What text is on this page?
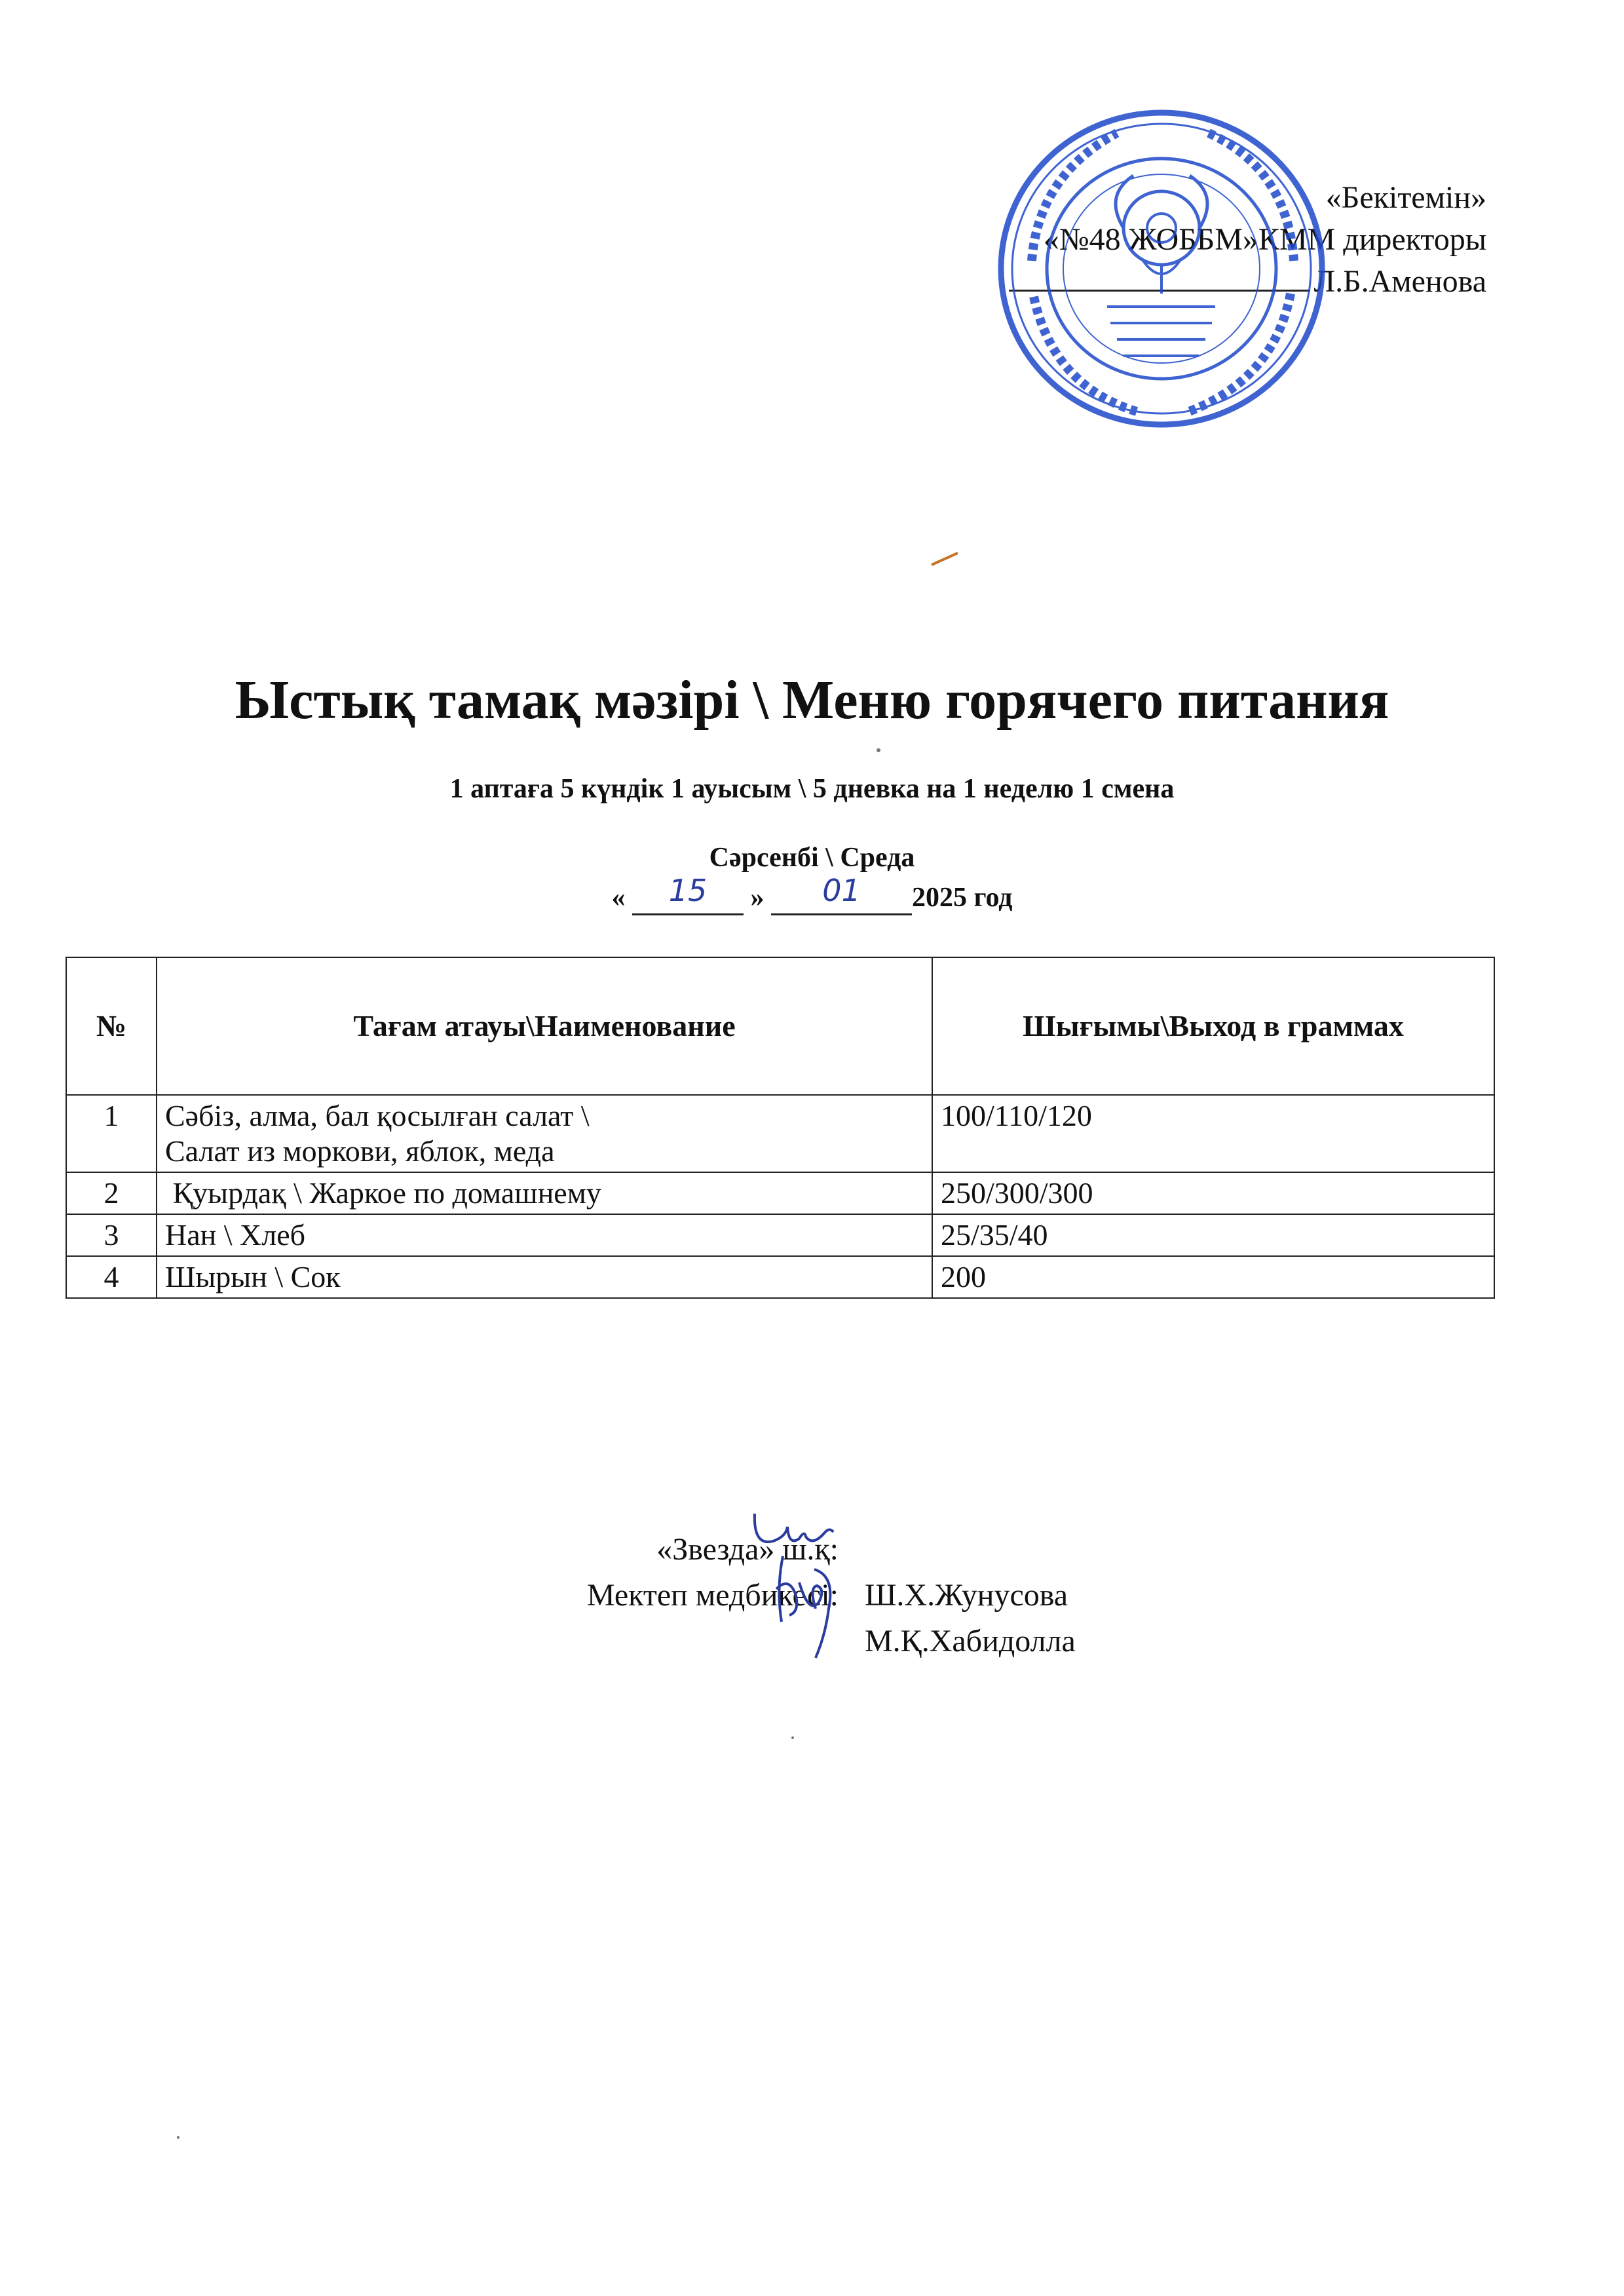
«Бекітемін»
«№48 ЖОББМ»КММ директоры
Л.Б.Аменова
Ыстық тамақ мәзірі \ Меню горячего питания
1 аптаға 5 күндік 1 ауысым \ 5 дневка на 1 неделю 1 смена
Сәрсенбі \ Среда
« 15 » 01 2025 год
№	Тағам атауы\Наименование	Шығымы\Выход в граммах
1	Сәбіз, алма, бал қосылған салат \
Салат из моркови, яблок, меда	100/110/120
2	Қуырдақ \ Жаркое по домашнему	250/300/300
3	Нан \ Хлеб	25/35/40
4	Шырын \ Сок	200
«Звезда» ш.қ:
Ш.Х.Жунусова
Мектеп медбикесі:
М.Қ.Хабидолла
